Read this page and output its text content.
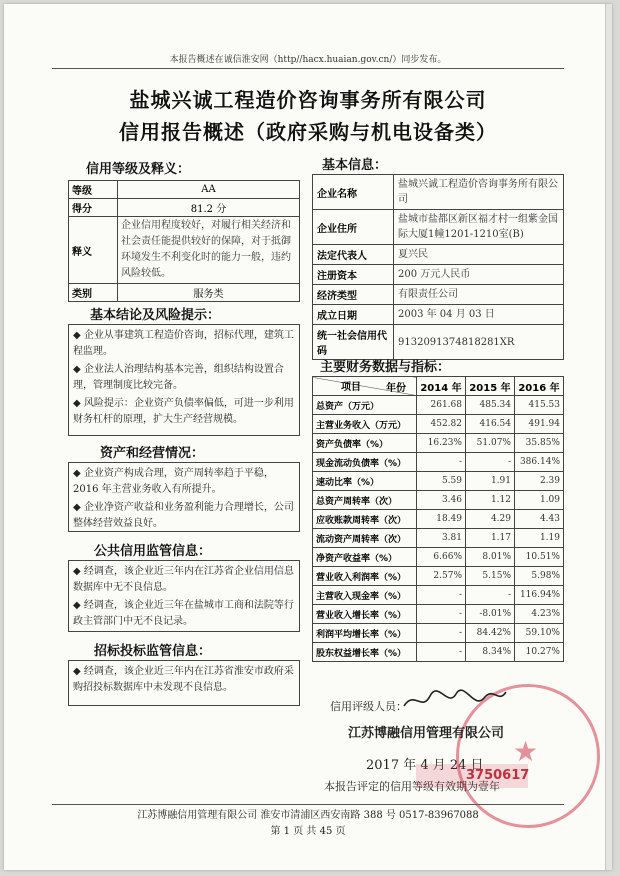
本报告概述在诚信淮安网（http//hacx.huaian.gov.cn/）同步发布。
盐城兴诚工程造价咨询事务所有限公司
信用报告概述（政府采购与机电设备类）
信用等级及释义：
等级	AA
得分	81.2 分
释义	企业信用程度较好，对履行相关经济和社会责任能提供较好的保障，对于抵御环境发生不利变化时的能力一般，违约风险较低。
类别	服务类
基本信息：
企业名称	盐城兴诚工程造价咨询事务所有限公司
企业住所	盐城市盐都区新区福才村一组紫金国际大厦1幢1201-1210室(B)
法定代表人	夏兴民
注册资本	200 万元人民币
经济类型	有限责任公司
成立日期	2003 年 04 月 03 日
统一社会信用代码	9132091374818281XR
基本结论及风险提示：

◆ 企业从事建筑工程造价咨询，招标代理，建筑工程监理。

◆ 企业法人治理结构基本完善，组织结构设置合理，管理制度比较完备。

◆ 风险提示：企业资产负债率偏低，可进一步利用财务杠杆的原理，扩大生产经营规模。

资产和经营情况：

◆ 企业资产构成合理，资产周转率趋于平稳，2016 年主营业务收入有所提升。

◆ 企业净资产收益和业务盈利能力合理增长，公司整体经营效益良好。

公共信用监管信息：

◆ 经调查，该企业近三年内在江苏省企业信用信息数据库中无不良信息。

◆ 经调查，该企业近三年在盐城市工商和法院等行政主管部门中无不良记录。

招标投标监管信息：

◆ 经调查，该企业近三年内在江苏省淮安市政府采购招投标数据库中未发现不良信息。

主要财务数据与指标：
年份
项目	2014 年	2015 年	2016 年
总资产（万元）	261.68	485.34	415.53
主营业务收入（万元）	452.82	416.54	491.94
资产负债率（%）	16.23%	51.07%	35.85%
现金流动负债率（%）	-	-	386.14%
速动比率（%）	5.59	1.91	2.39
总资产周转率（次）	3.46	1.12	1.09
应收账款周转率（次）	18.49	4.29	4.43
流动资产周转率（次）	3.81	1.17	1.19
净资产收益率（%）	6.66%	8.01%	10.51%
营业收入利润率（%）	2.57%	5.15%	5.98%
主营收入现金率（%）	-	-	116.94%
营业收入增长率（%）	-	-8.01%	4.23%
利润平均增长率（%）	-	84.42%	59.10%
股东权益增长率（%）	-	8.34%	10.27%
★
信用评级人员：
江苏博融信用管理有限公司
2017 年 4 月 24 日
本报告评定的信用等级有效期为壹年
3750617
江苏博融信用管理有限公司 淮安市清浦区西安南路 388 号 0517-83967088
第 1 页 共 45 页
